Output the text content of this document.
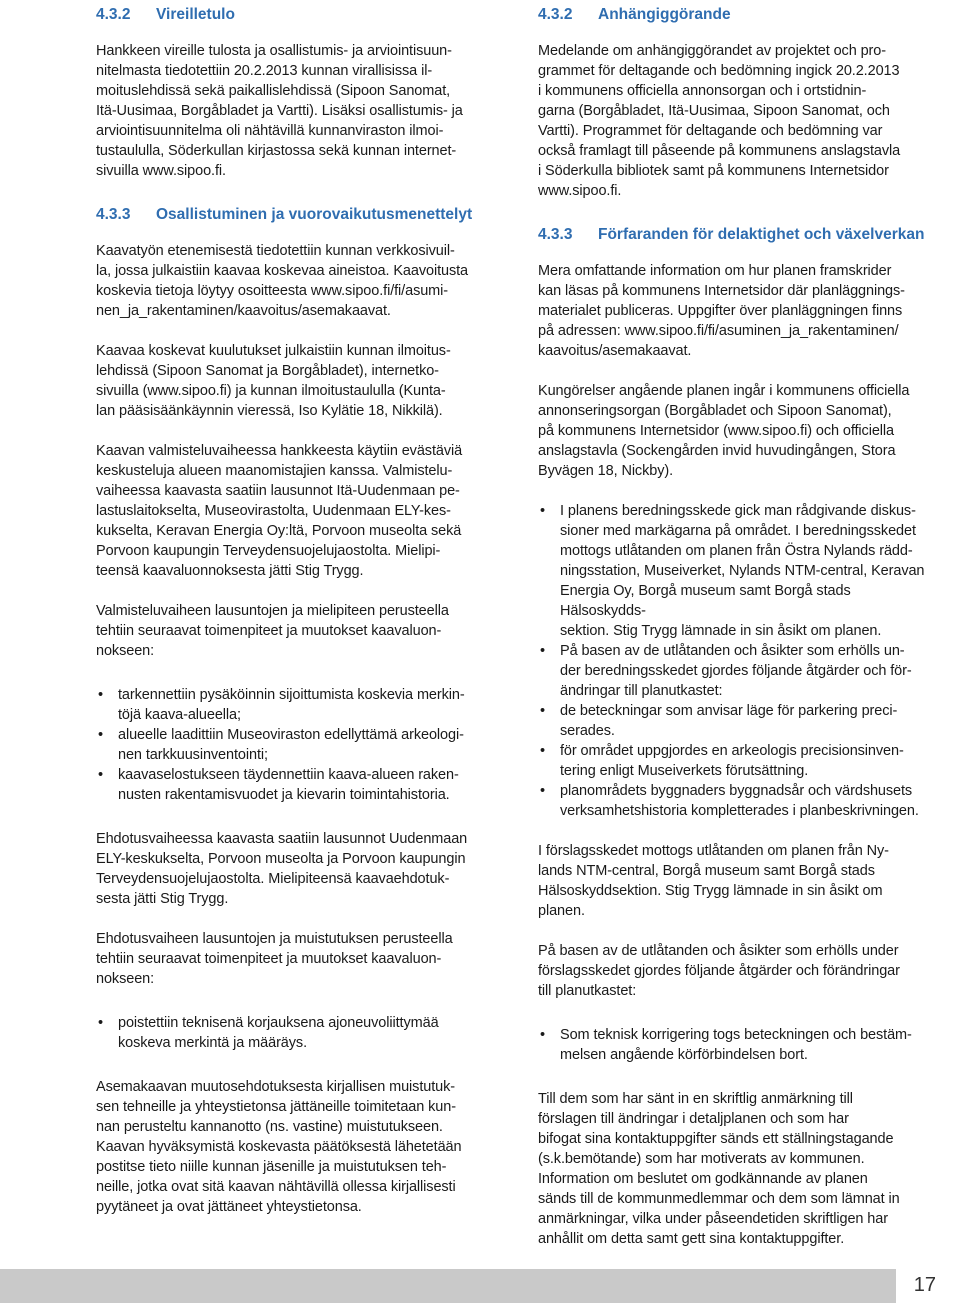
4.3.2 Vireilletulo

Hankkeen vireille tulosta ja osallistumis- ja arviointisuun-
nitelmasta tiedotettiin 20.2.2013 kunnan virallisissa il-
moituslehdissä sekä paikallislehdissä (Sipoon Sanomat,
Itä-Uusimaa, Borgåbladet ja Vartti). Lisäksi osallistumis- ja
arviointisuunnitelma oli nähtävillä kunnanviraston ilmoi-
tustaululla, Söderkullan kirjastossa sekä kunnan internet-
sivuilla www.sipoo.fi.

4.3.3 Osallistuminen ja vuorovaikutusmenettelyt

Kaavatyön etenemisestä tiedotettiin kunnan verkkosivuil-
la, jossa julkaistiin kaavaa koskevaa aineistoa. Kaavoitusta
koskevia tietoja löytyy osoitteesta www.sipoo.fi/fi/asumi-
nen_ja_rakentaminen/kaavoitus/asemakaavat.

Kaavaa koskevat kuulutukset julkaistiin kunnan ilmoitus-
lehdissä (Sipoon Sanomat ja Borgåbladet), internetko-
sivuilla (www.sipoo.fi) ja kunnan ilmoitustaululla (Kunta-
lan pääsisäänkäynnin vieressä, Iso Kylätie 18, Nikkilä).

Kaavan valmisteluvaiheessa hankkeesta käytiin evästäviä
keskusteluja alueen maanomistajien kanssa. Valmistelu-
vaiheessa kaavasta saatiin lausunnot Itä-Uudenmaan pe-
lastuslaitokselta, Museovirastolta, Uudenmaan ELY-kes-
kukselta, Keravan Energia Oy:ltä, Porvoon museolta sekä
Porvoon kaupungin Terveydensuojelujaostolta. Mielipi-
teensä kaavaluonnoksesta jätti Stig Trygg.

Valmisteluvaiheen lausuntojen ja mielipiteen perusteella
tehtiin seuraavat toimenpiteet ja muutokset kaavaluon-
nokseen:

• tarkennettiin pysäköinnin sijoittumista koskevia merkin-
töjä kaava-alueella;
• alueelle laadittiin Museoviraston edellyttämä arkeologi-
nen tarkkuusinventointi;
• kaavaselostukseen täydennettiin kaava-alueen raken-
nusten rakentamisvuodet ja kievarin toimintahistoria.

Ehdotusvaiheessa kaavasta saatiin lausunnot Uudenmaan
ELY-keskukselta, Porvoon museolta ja Porvoon kaupungin
Terveydensuojelujaostolta. Mielipiteensä kaavaehdotuk-
sesta jätti Stig Trygg.

Ehdotusvaiheen lausuntojen ja muistutuksen perusteella
tehtiin seuraavat toimenpiteet ja muutokset kaavaluon-
nokseen:

• poistettiin teknisenä korjauksena ajoneuvoliittymää
koskeva merkintä ja määräys.

Asemakaavan muutosehdotuksesta kirjallisen muistutuk-
sen tehneille ja yhteystietonsa jättäneille toimitetaan kun-
nan perusteltu kannanotto (ns. vastine) muistutukseen.
Kaavan hyväksymistä koskevasta päätöksestä lähetetään
postitse tieto niille kunnan jäsenille ja muistutuksen teh-
neille, jotka ovat sitä kaavan nähtävillä ollessa kirjallisesti
pyytäneet ja ovat jättäneet yhteystietonsa.

4.3.2 Anhängiggörande

Medelande om anhängiggörandet av projektet och pro-
grammet för deltagande och bedömning ingick 20.2.2013
i kommunens officiella annonsorgan och i ortstidnin-
garna (Borgåbladet, Itä-Uusimaa, Sipoon Sanomat, och
Vartti). Programmet för deltagande och bedömning var
också framlagt till påseende på kommunens anslagstavla
i Söderkulla bibliotek samt på kommunens Internetsidor
www.sipoo.fi.

4.3.3 Förfaranden för delaktighet och växelverkan

Mera omfattande information om hur planen framskrider
kan läsas på kommunens Internetsidor där planläggnings-
materialet publiceras. Uppgifter över planläggningen finns
på adressen: www.sipoo.fi/fi/asuminen_ja_rakentaminen/
kaavoitus/asemakaavat.

Kungörelser angående planen ingår i kommunens officiella
annonseringsorgan (Borgåbladet och Sipoon Sanomat),
på kommunens Internetsidor (www.sipoo.fi) och officiella
anslagstavla (Sockengården invid huvudingången, Stora
Byvägen 18, Nickby).

• I planens beredningsskede gick man rådgivande diskus-
sioner med markägarna på området. I beredningsskedet
mottogs utlåtanden om planen från Östra Nylands rädd-
ningsstation, Museiverket, Nylands NTM-central, Keravan
Energia Oy, Borgå museum samt Borgå stads Hälsoskydds-
sektion. Stig Trygg lämnade in sin åsikt om planen.
• På basen av de utlåtanden och åsikter som erhölls un-
der beredningsskedet gjordes följande åtgärder och för-
ändringar till planutkastet:
• de beteckningar som anvisar läge för parkering preci-
serades.
• för området uppgjordes en arkeologis precisionsinven-
tering enligt Museiverkets förutsättning.
• planområdets byggnaders byggnadsår och värdshusets
verksamhetshistoria kompletterades i planbeskrivningen.

I förslagsskedet mottogs utlåtanden om planen från Ny-
lands NTM-central, Borgå museum samt Borgå stads
Hälsoskyddsektion. Stig Trygg lämnade in sin åsikt om
planen.

På basen av de utlåtanden och åsikter som erhölls under
förslagsskedet gjordes följande åtgärder och förändringar
till planutkastet:

• Som teknisk korrigering togs beteckningen och bestäm-
melsen angående körförbindelsen bort.

Till dem som har sänt in en skriftlig anmärkning till
förslagen till ändringar i detaljplanen och som har
bifogat sina kontaktuppgifter sänds ett ställningstagande
(s.k.bemötande) som har motiverats av kommunen.
Information om beslutet om godkännande av planen
sänds till de kommunmedlemmar och dem som lämnat in
anmärkningar, vilka under påseendetiden skriftligen har
anhållit om detta samt gett sina kontaktuppgifter.

17
